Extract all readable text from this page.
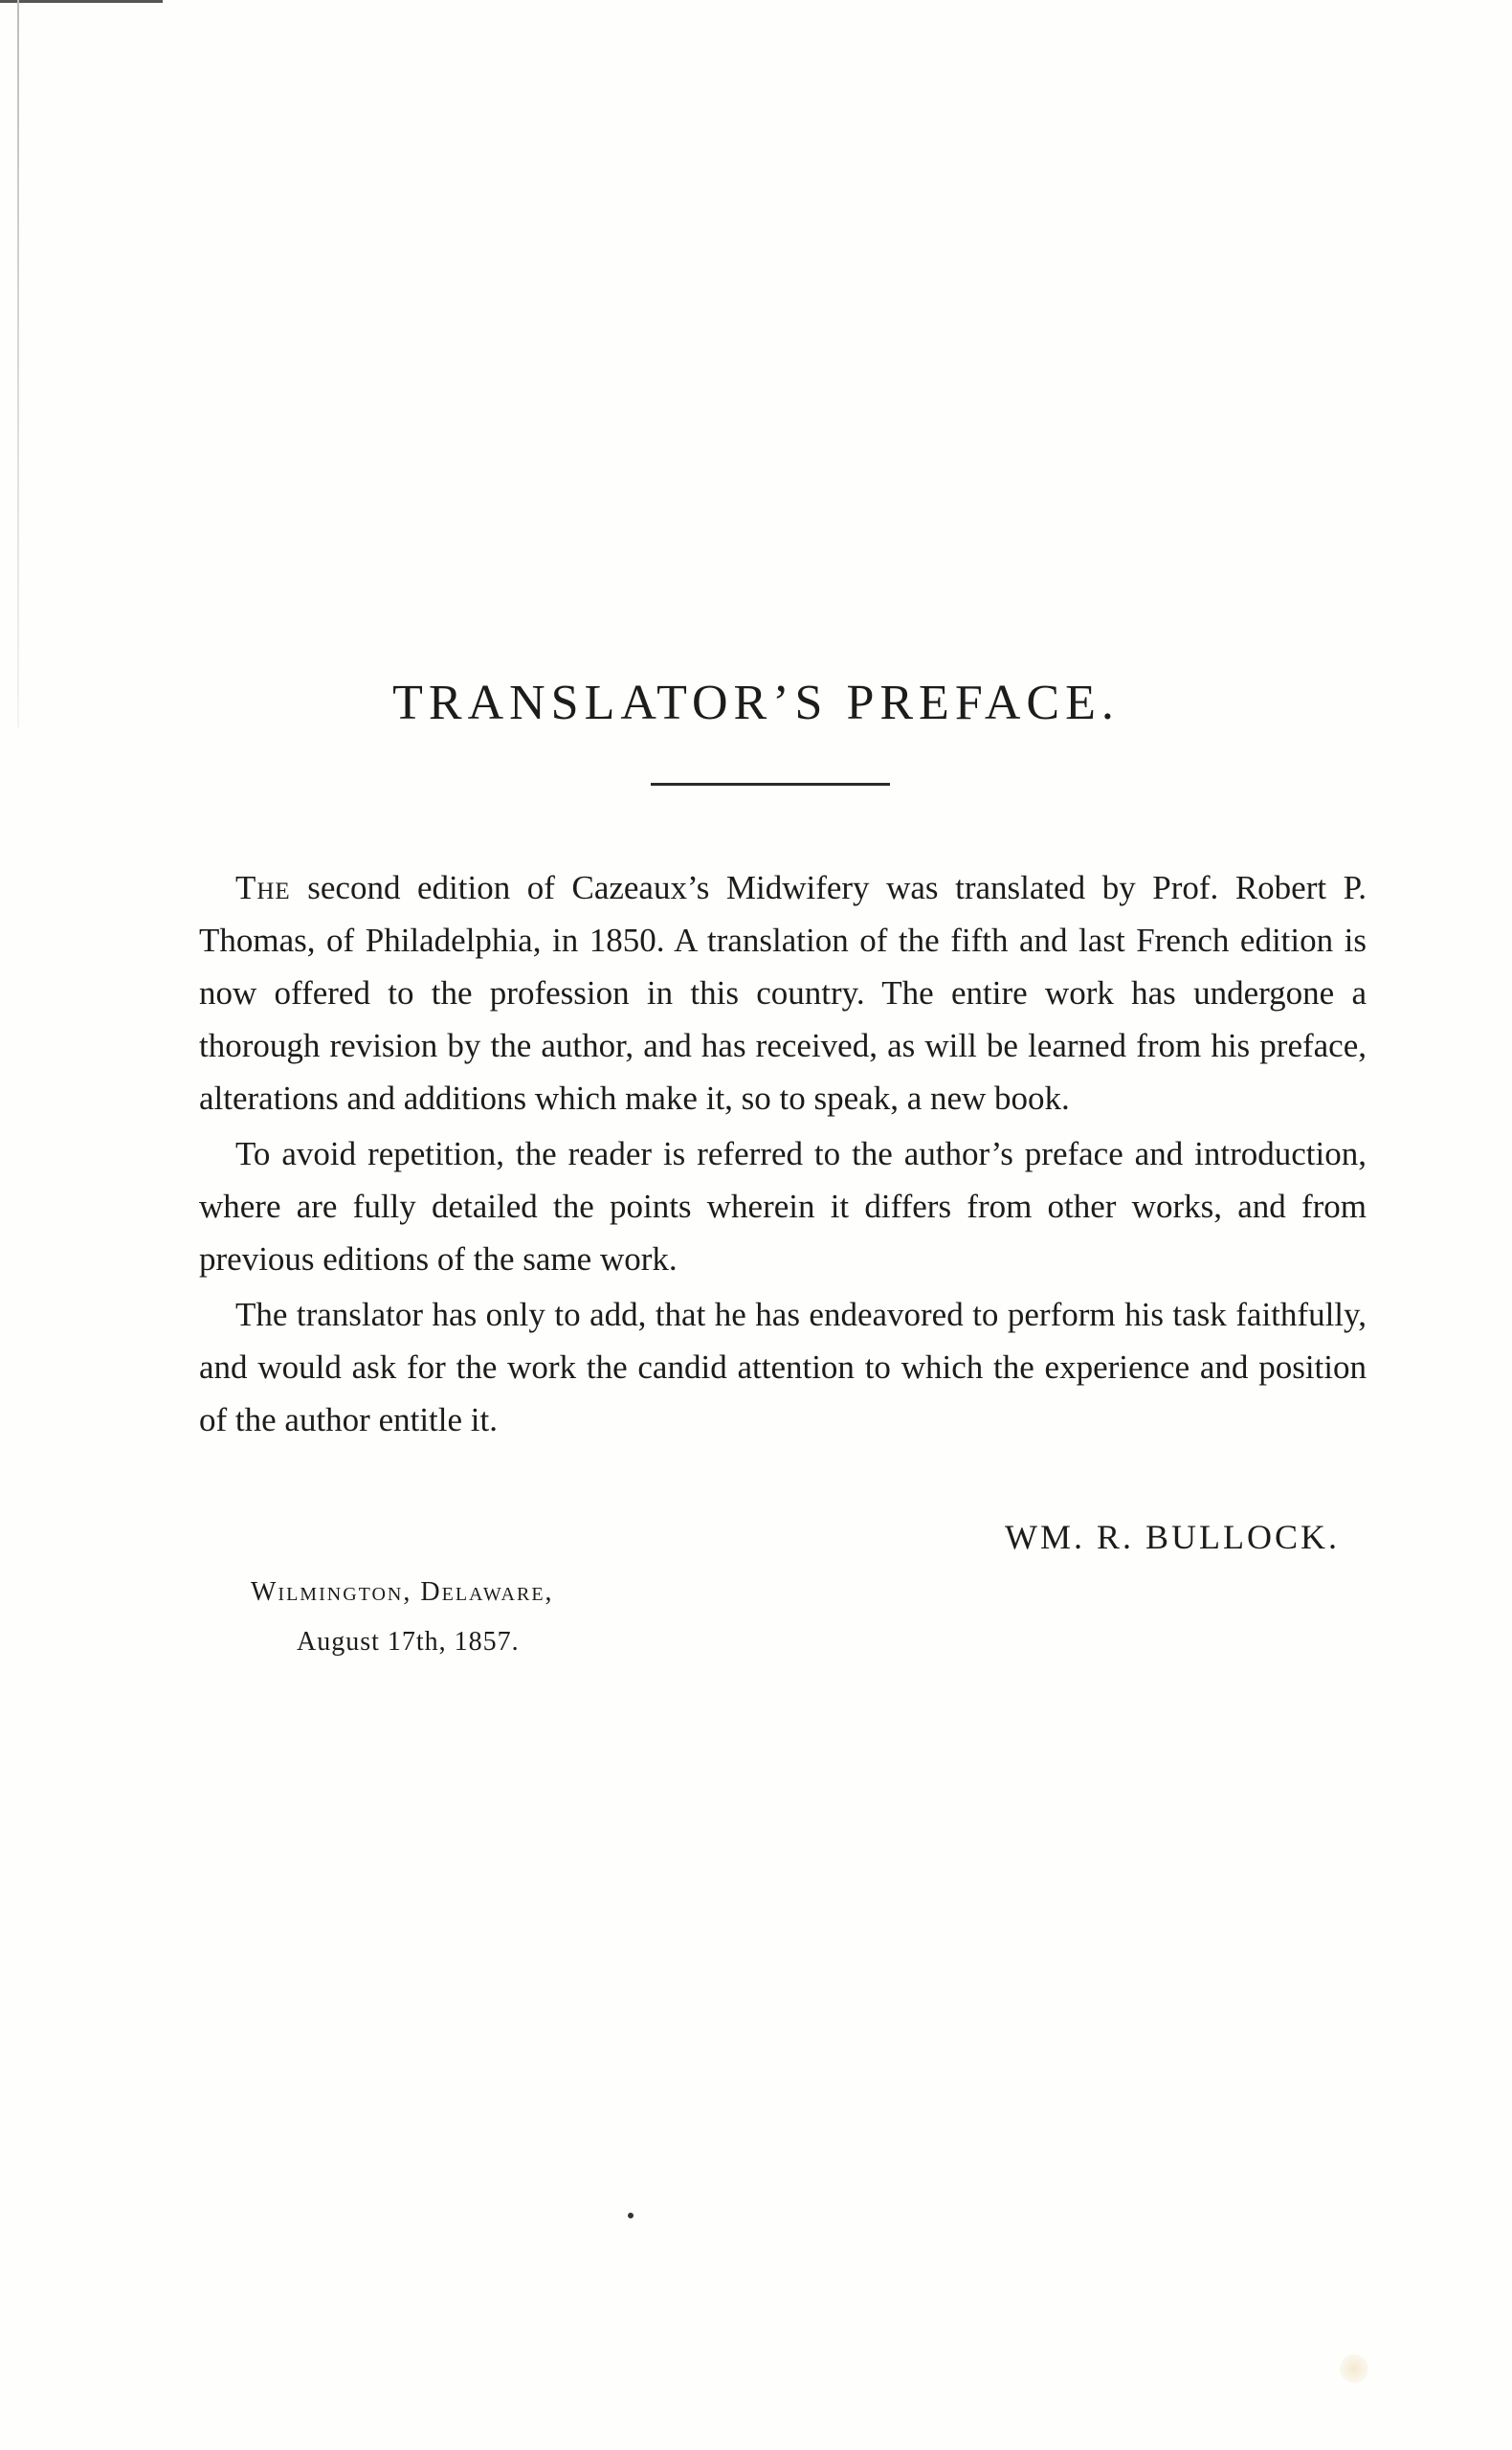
TRANSLATOR’S PREFACE.

The second edition of Cazeaux’s Midwifery was translated by Prof. Robert P. Thomas, of Philadelphia, in 1850. A translation of the fifth and last French edition is now offered to the profession in this country. The entire work has undergone a thorough revision by the author, and has received, as will be learned from his preface, alterations and additions which make it, so to speak, a new book.

To avoid repetition, the reader is referred to the author’s preface and introduction, where are fully detailed the points wherein it differs from other works, and from previous editions of the same work.

The translator has only to add, that he has endeavored to perform his task faithfully, and would ask for the work the candid attention to which the experience and position of the author entitle it.

WM. R. BULLOCK.
Wilmington, Delaware,
August 17th, 1857.
